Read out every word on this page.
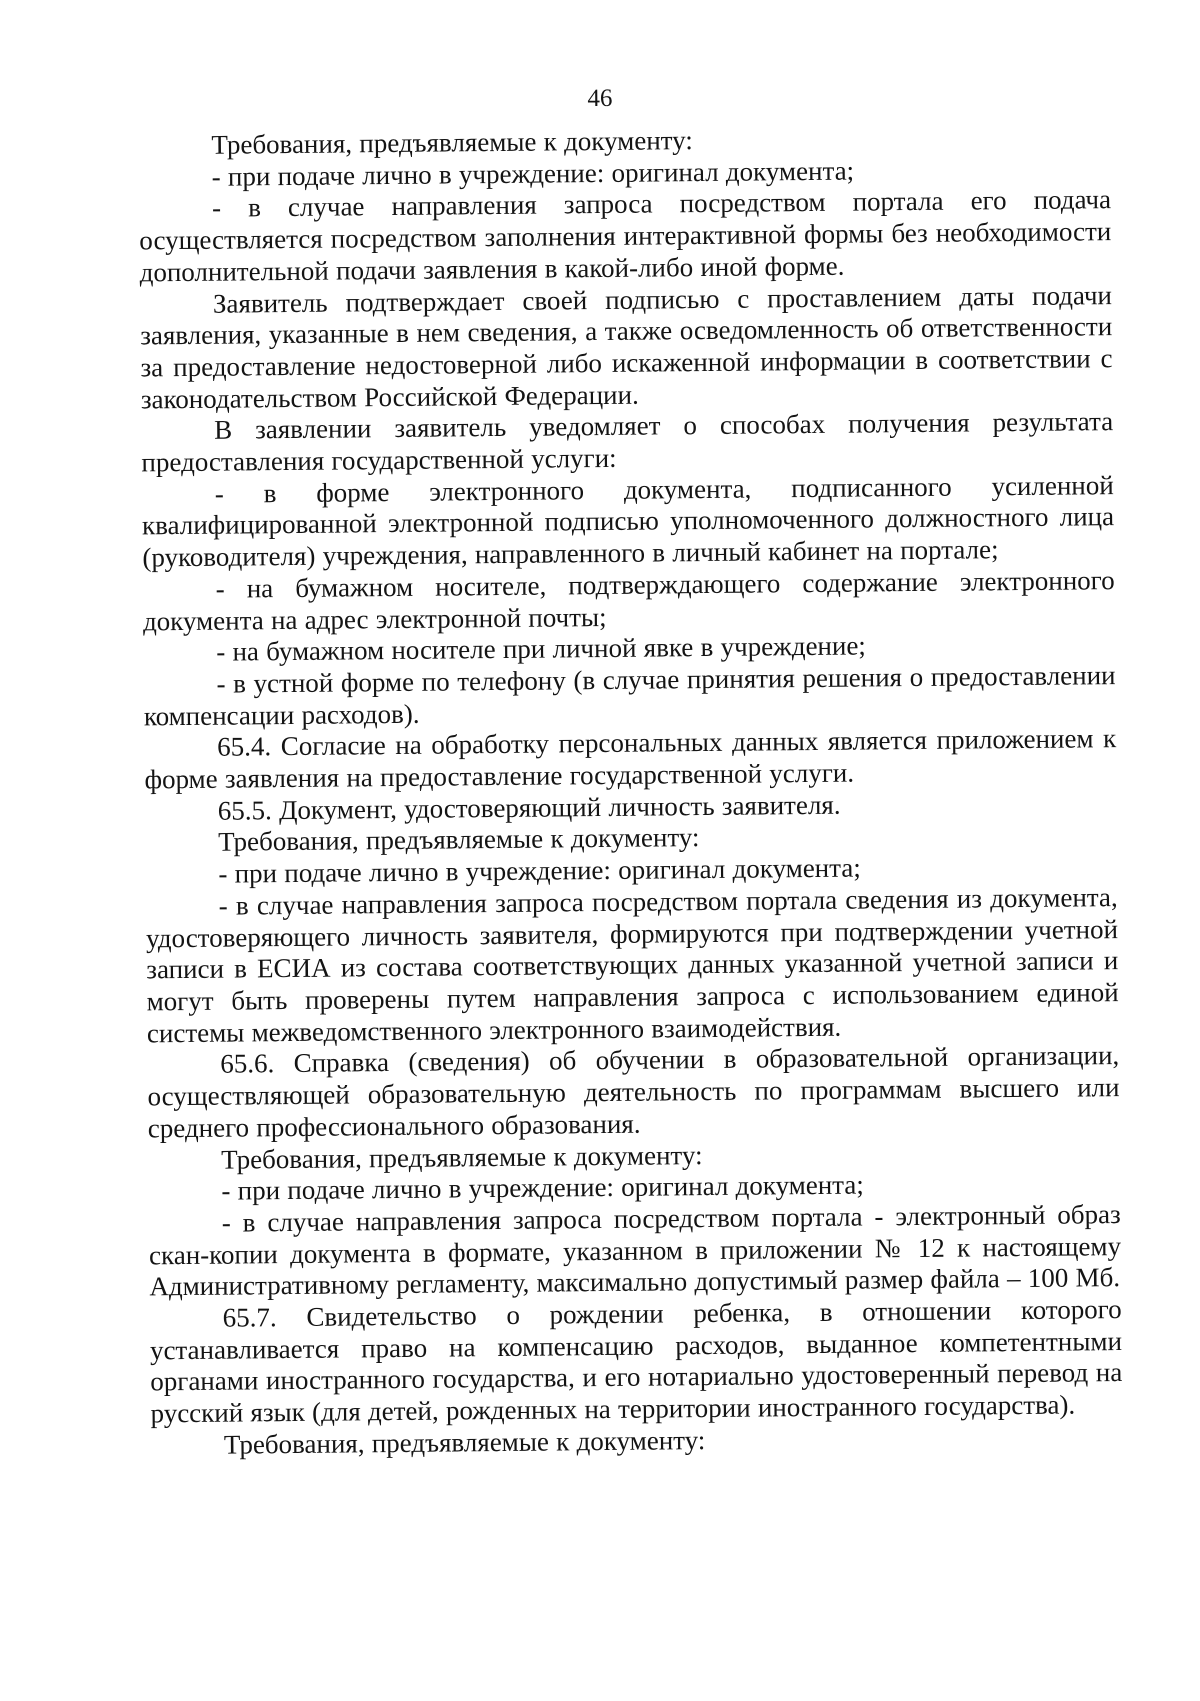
46

Требования, предъявляемые к документу:

- при подаче лично в учреждение: оригинал документа;

- в случае направления запроса посредством портала его подача осуществляется посредством заполнения интерактивной формы без необходимости дополнительной подачи заявления в какой-либо иной форме.

Заявитель подтверждает своей подписью с проставлением даты подачи заявления, указанные в нем сведения, а также осведомленность об ответственности за предоставление недостоверной либо искаженной информации в соответствии с законодательством Российской Федерации.

В заявлении заявитель уведомляет о способах получения результата предоставления государственной услуги:

- в форме электронного документа, подписанного усиленной квалифицированной электронной подписью уполномоченного должностного лица (руководителя) учреждения, направленного в личный кабинет на портале;

- на бумажном носителе, подтверждающего содержание электронного документа на адрес электронной почты;

- на бумажном носителе при личной явке в учреждение;

- в устной форме по телефону (в случае принятия решения о предоставлении компенсации расходов).

65.4. Согласие на обработку персональных данных является приложением к форме заявления на предоставление государственной услуги.

65.5. Документ, удостоверяющий личность заявителя.

Требования, предъявляемые к документу:

- при подаче лично в учреждение: оригинал документа;

- в случае направления запроса посредством портала сведения из документа, удостоверяющего личность заявителя, формируются при подтверждении учетной записи в ЕСИА из состава соответствующих данных указанной учетной записи и могут быть проверены путем направления запроса с использованием единой системы межведомственного электронного взаимодействия.

65.6. Справка (сведения) об обучении в образовательной организации, осуществляющей образовательную деятельность по программам высшего или среднего профессионального образования.

Требования, предъявляемые к документу:

- при подаче лично в учреждение: оригинал документа;

- в случае направления запроса посредством портала - электронный образ скан-копии документа в формате, указанном в приложении № 12 к настоящему Административному регламенту, максимально допустимый размер файла – 100 Мб.

65.7. Свидетельство о рождении ребенка, в отношении которого устанавливается право на компенсацию расходов, выданное компетентными органами иностранного государства, и его нотариально удостоверенный перевод на русский язык (для детей, рожденных на территории иностранного государства).

Требования, предъявляемые к документу:
